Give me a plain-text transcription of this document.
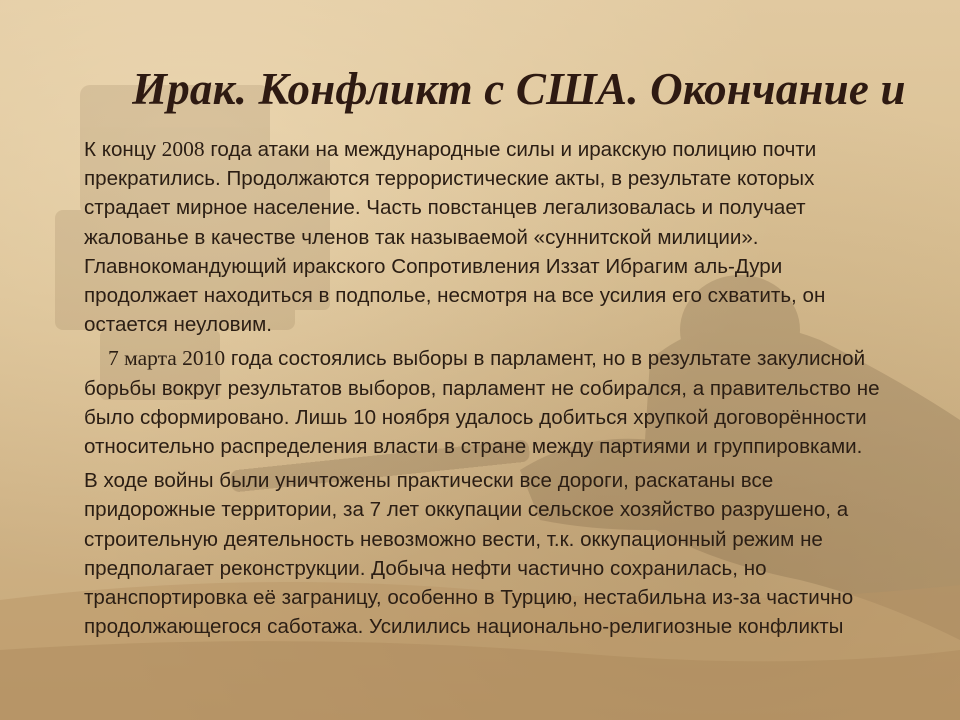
Ирак. Конфликт с США. Окончание и

К концу 2008 года атаки на международные силы и иракскую полицию почти прекратились. Продолжаются террористические акты, в результате которых страдает мирное население. Часть повстанцев легализовалась и получает жалованье в качестве членов так называемой «суннитской милиции». Главнокомандующий иракского Сопротивления Иззат Ибрагим аль-Дури продолжает находиться в подполье, несмотря на все усилия его схватить, он остается неуловим.

7 марта 2010 года состоялись выборы в парламент, но в результате закулисной борьбы вокруг результатов выборов, парламент не собирался, а правительство не было сформировано. Лишь 10 ноября удалось добиться хрупкой договорённости относительно распределения власти в стране между партиями и группировками.

В ходе войны были уничтожены практически все дороги, раскатаны все придорожные территории, за 7 лет оккупации сельское хозяйство разрушено, а строительную деятельность невозможно вести, т.к. оккупационный режим не предполагает реконструкции. Добыча нефти частично сохранилась, но транспортировка её заграницу, особенно в Турцию, нестабильна из-за частично продолжающегося саботажа. Усилились национально-религиозные конфликты
